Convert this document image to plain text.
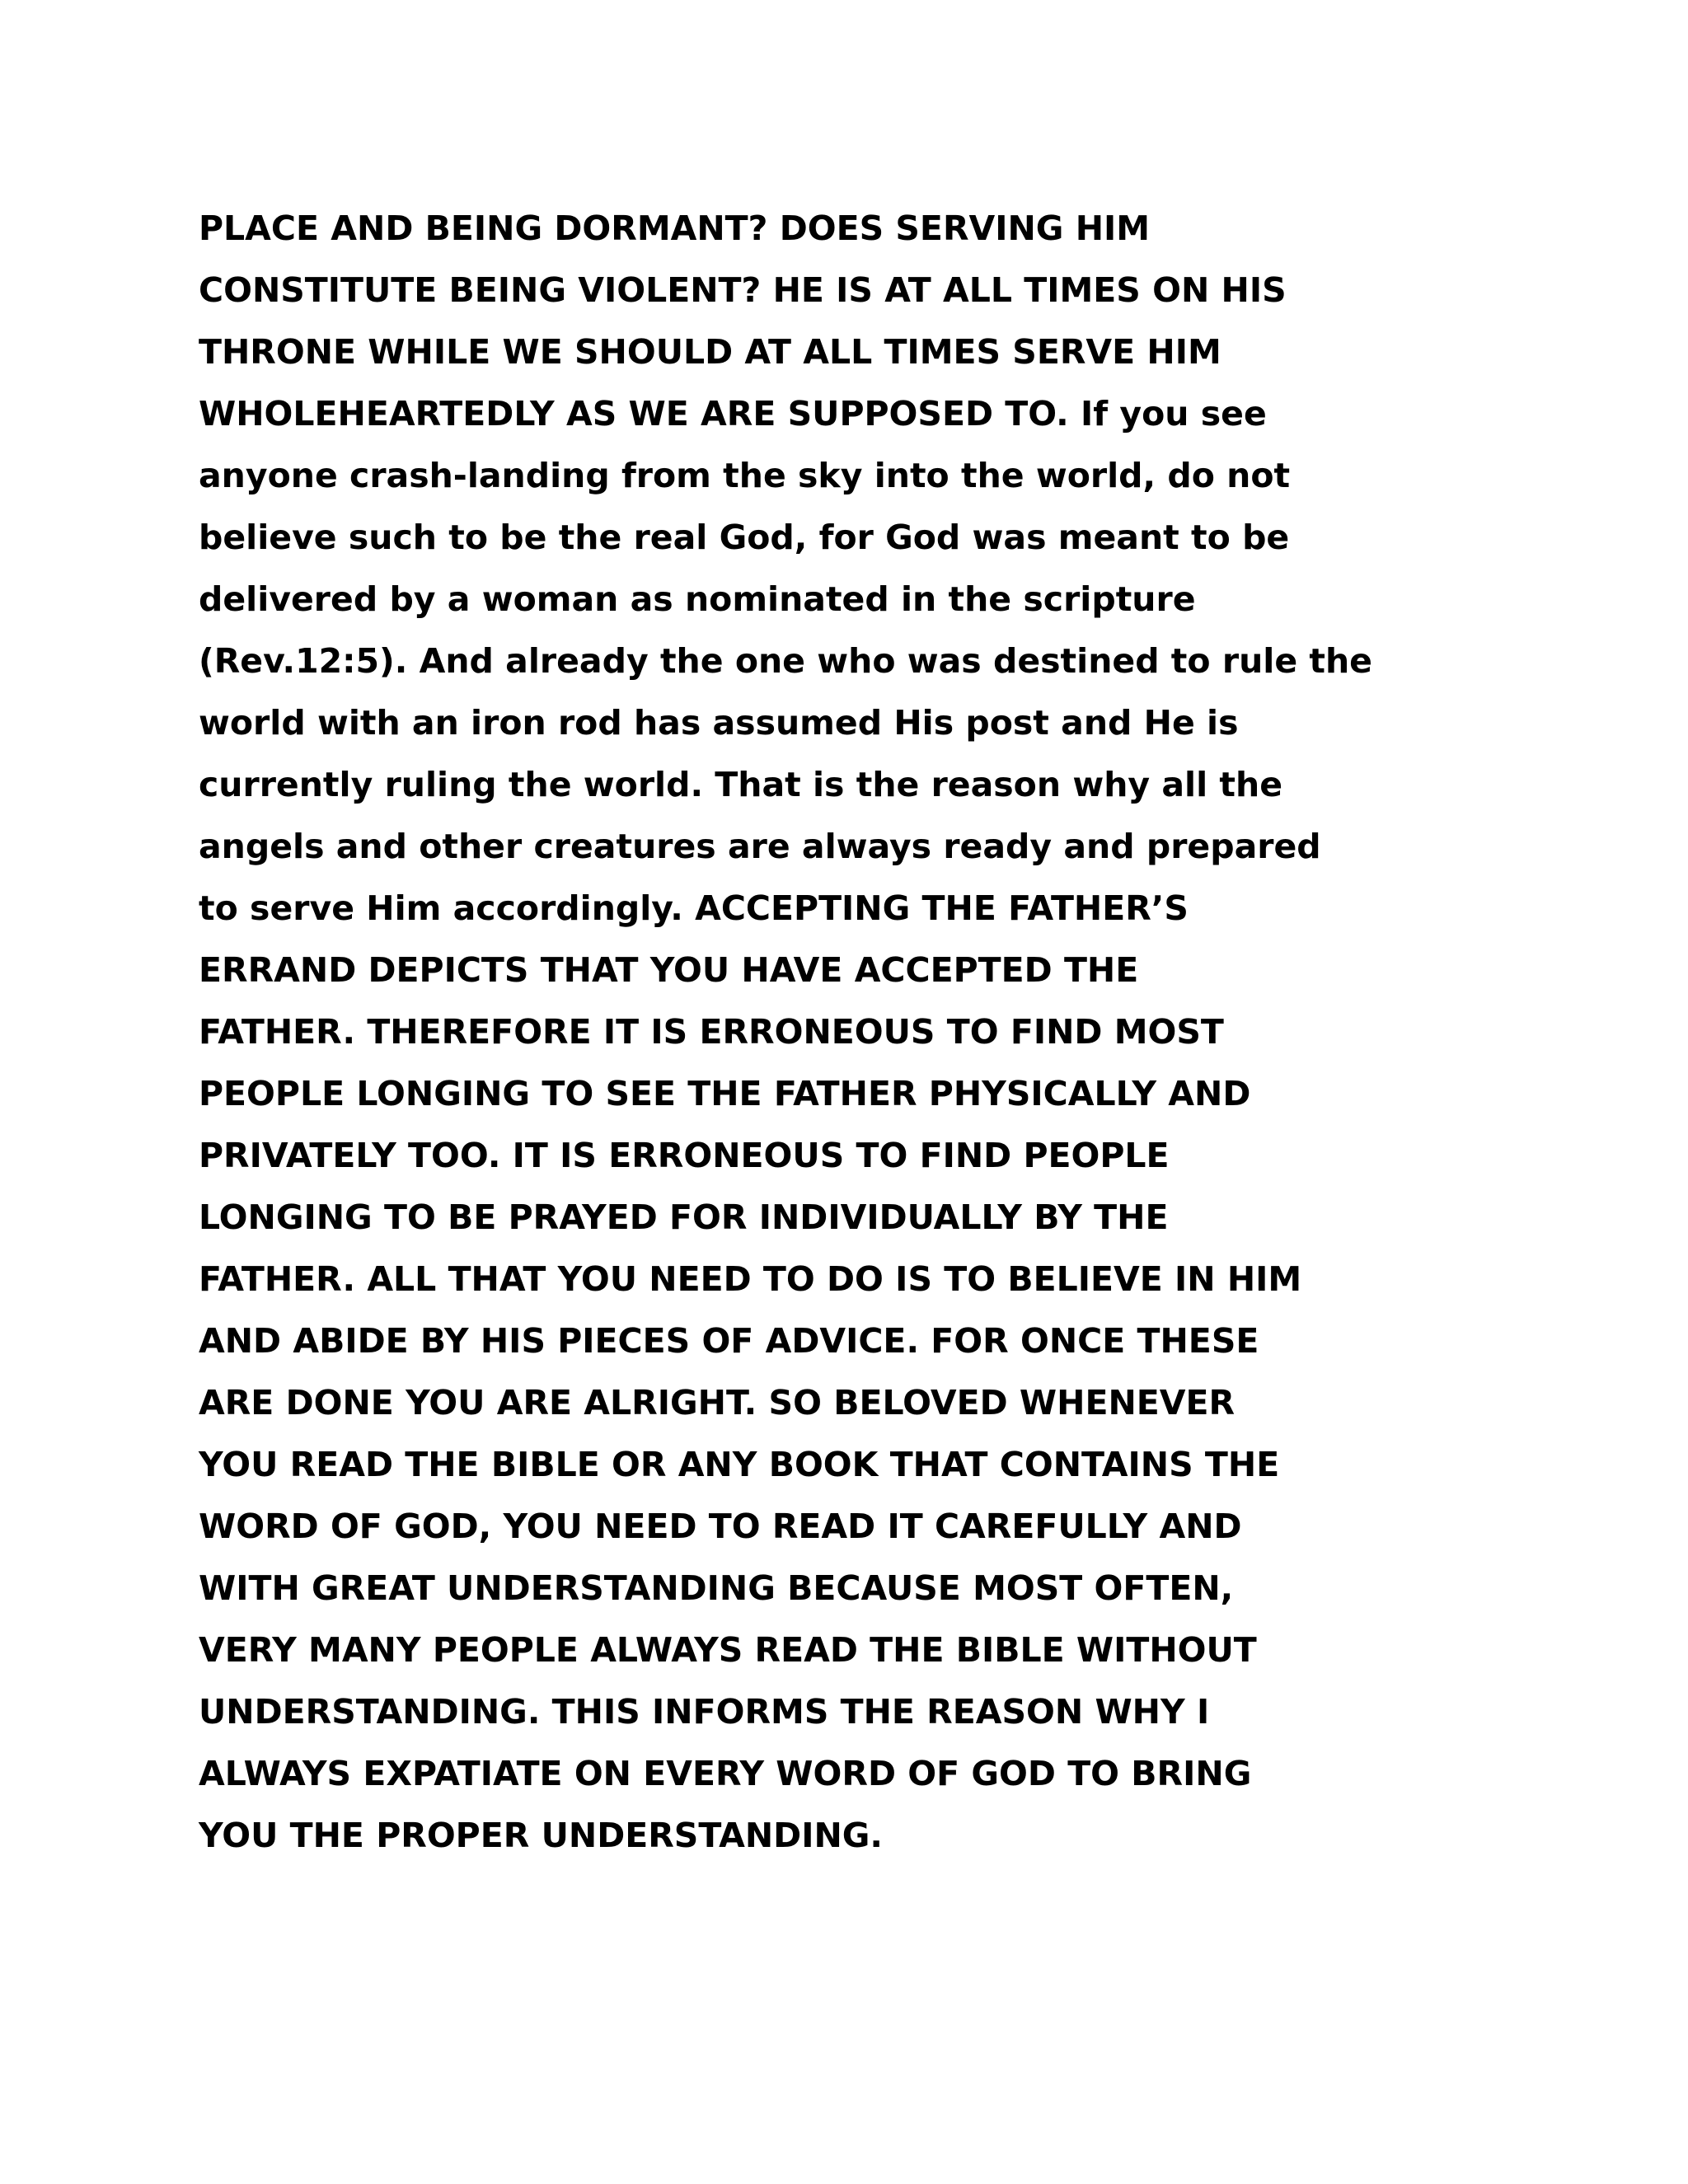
PLACE AND BEING DORMANT? DOES SERVING HIM
CONSTITUTE BEING VIOLENT? HE IS AT ALL TIMES ON HIS
THRONE WHILE WE SHOULD AT ALL TIMES SERVE HIM
WHOLEHEARTEDLY AS WE ARE SUPPOSED TO. If you see
anyone crash-landing from the sky into the world, do not
believe such to be the real God, for God was meant to be
delivered by a woman as nominated in the scripture
(Rev.12:5). And already the one who was destined to rule the
world with an iron rod has assumed His post and He is
currently ruling the world. That is the reason why all the
angels and other creatures are always ready and prepared
to serve Him accordingly. ACCEPTING THE FATHER’S
ERRAND DEPICTS THAT YOU HAVE ACCEPTED THE
FATHER. THEREFORE IT IS ERRONEOUS TO FIND MOST
PEOPLE LONGING TO SEE THE FATHER PHYSICALLY AND
PRIVATELY TOO. IT IS ERRONEOUS TO FIND PEOPLE
LONGING TO BE PRAYED FOR INDIVIDUALLY BY THE
FATHER. ALL THAT YOU NEED TO DO IS TO BELIEVE IN HIM
AND ABIDE BY HIS PIECES OF ADVICE. FOR ONCE THESE
ARE DONE YOU ARE ALRIGHT. SO BELOVED WHENEVER
YOU READ THE BIBLE OR ANY BOOK THAT CONTAINS THE
WORD OF GOD, YOU NEED TO READ IT CAREFULLY AND
WITH GREAT UNDERSTANDING BECAUSE MOST OFTEN,
VERY MANY PEOPLE ALWAYS READ THE BIBLE WITHOUT
UNDERSTANDING. THIS INFORMS THE REASON WHY I
ALWAYS EXPATIATE ON EVERY WORD OF GOD TO BRING
YOU THE PROPER UNDERSTANDING.
